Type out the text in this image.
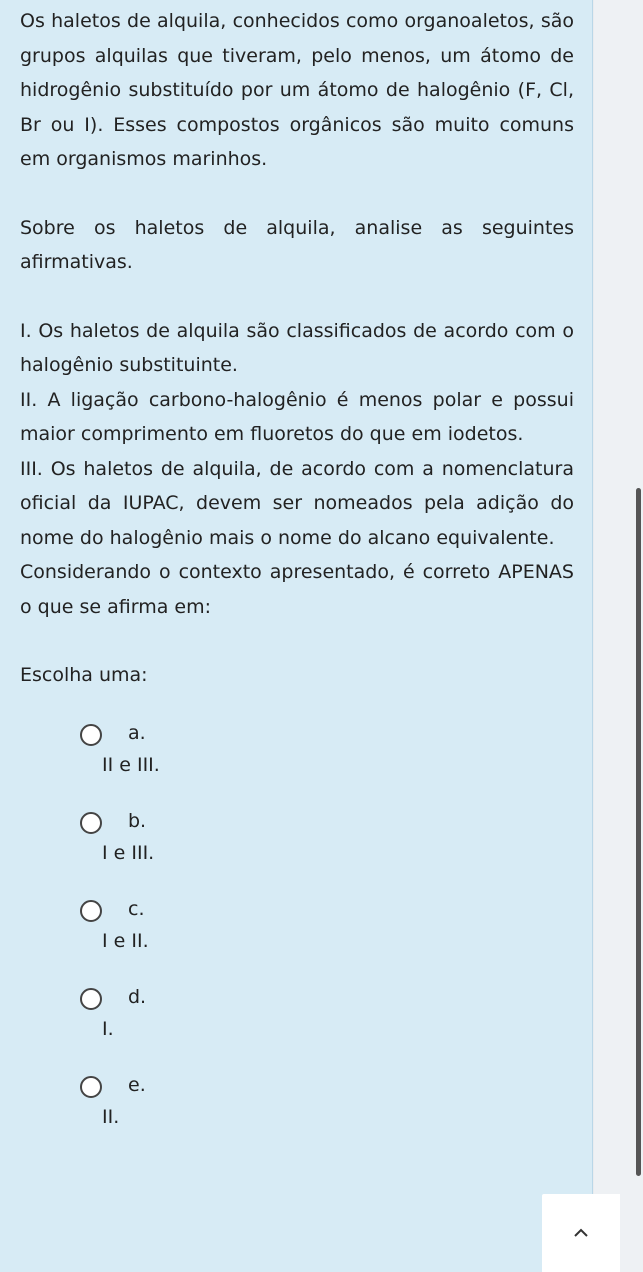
Os haletos de alquila, conhecidos como organoaletos, são grupos alquilas que tiveram, pelo menos, um átomo de hidrogênio substituído por um átomo de halogênio (F, Cl, Br ou I). Esses compostos orgânicos são muito comuns em organismos marinhos.

Sobre os haletos de alquila, analise as seguintes afirmativas.

I. Os haletos de alquila são classificados de acordo com o halogênio substituinte.

II. A ligação carbono-halogênio é menos polar e possui maior comprimento em fluoretos do que em iodetos.

III. Os haletos de alquila, de acordo com a nomenclatura oficial da IUPAC, devem ser nomeados pela adição do nome do halogênio mais o nome do alcano equivalente.

Considerando o contexto apresentado, é correto APENAS o que se afirma em:

Escolha uma:

a.
II e III.
b.
I e III.
c.
I e II.
d.
I.
e.
II.
